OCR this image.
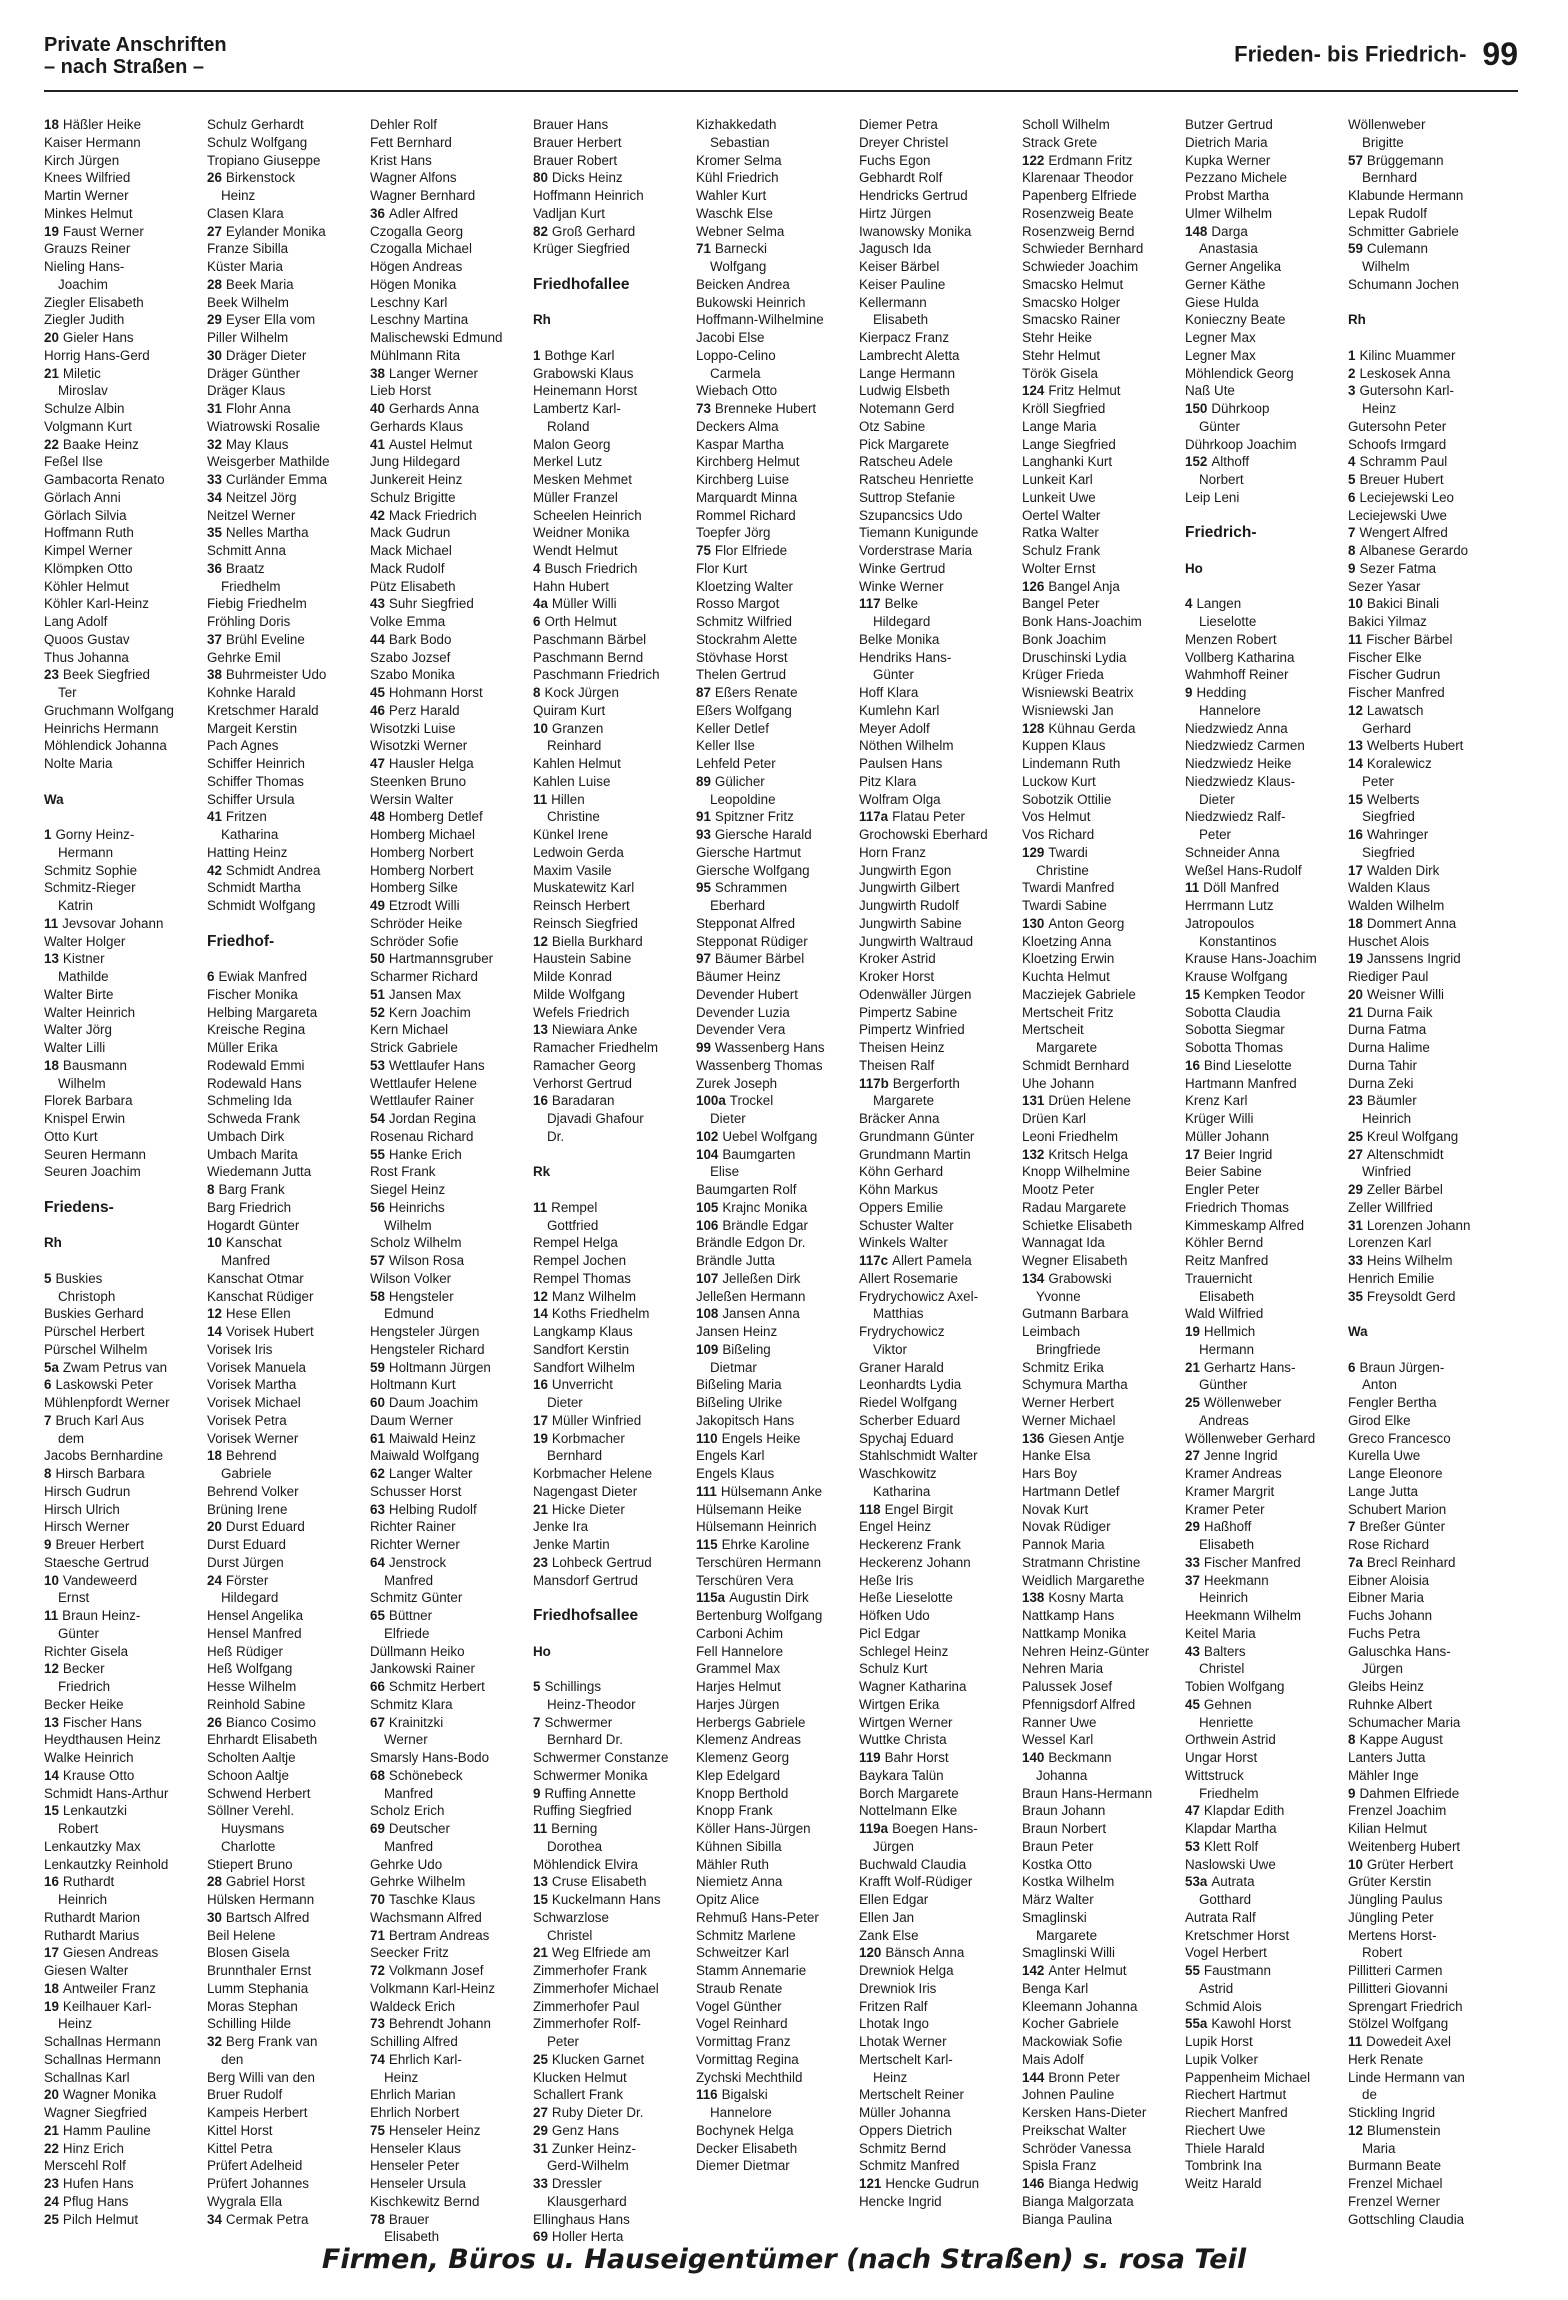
Private Anschriften
– nach Straßen –
Frieden- bis Friedrich- 99
18 Häßler Heike
Kaiser Hermann
Kirch Jürgen
Knees Wilfried
Martin Werner
Minkes Helmut
19 Faust Werner
Grauzs Reiner
Nieling Hans-
Joachim
Ziegler Elisabeth
Ziegler Judith
20 Gieler Hans
Horrig Hans-Gerd
21 Miletic
Miroslav
Schulze Albin
Volgmann Kurt
22 Baake Heinz
Feßel Ilse
Gambacorta Renato
Görlach Anni
Görlach Silvia
Hoffmann Ruth
Kimpel Werner
Klömpken Otto
Köhler Helmut
Köhler Karl-Heinz
Lang Adolf
Quoos Gustav
Thus Johanna
23 Beek Siegfried
Ter
Gruchmann Wolfgang
Heinrichs Hermann
Möhlendick Johanna
Nolte Maria
Wa
1 Gorny Heinz-
Hermann
Schmitz Sophie
Schmitz-Rieger
Katrin
11 Jevsovar Johann
Walter Holger
13 Kistner
Mathilde
Walter Birte
Walter Heinrich
Walter Jörg
Walter Lilli
18 Bausmann
Wilhelm
Florek Barbara
Knispel Erwin
Otto Kurt
Seuren Hermann
Seuren Joachim
Friedens-
Rh
5 Buskies
Christoph
Buskies Gerhard
Pürschel Herbert
Pürschel Wilhelm
5a Zwam Petrus van
6 Laskowski Peter
Mühlenpfordt Werner
7 Bruch Karl Aus
dem
Jacobs Bernhardine
8 Hirsch Barbara
Hirsch Gudrun
Hirsch Ulrich
Hirsch Werner
9 Breuer Herbert
Staesche Gertrud
10 Vandeweerd
Ernst
11 Braun Heinz-
Günter
Richter Gisela
12 Becker
Friedrich
Becker Heike
13 Fischer Hans
Heydthausen Heinz
Walke Heinrich
14 Krause Otto
Schmidt Hans-Arthur
15 Lenkautzki
Robert
Lenkautzky Max
Lenkautzky Reinhold
16 Ruthardt
Heinrich
Ruthardt Marion
Ruthardt Marius
17 Giesen Andreas
Giesen Walter
18 Antweiler Franz
19 Keilhauer Karl-
Heinz
Schallnas Hermann
Schallnas Hermann
Schallnas Karl
20 Wagner Monika
Wagner Siegfried
21 Hamm Pauline
22 Hinz Erich
Merscehl Rolf
23 Hufen Hans
24 Pflug Hans
25 Pilch Helmut
Schulz Gerhardt
Schulz Wolfgang
Tropiano Giuseppe
26 Birkenstock
Heinz
Clasen Klara
27 Eylander Monika
Franze Sibilla
Küster Maria
28 Beek Maria
Beek Wilhelm
29 Eyser Ella vom
Piller Wilhelm
30 Dräger Dieter
Dräger Günther
Dräger Klaus
31 Flohr Anna
Wiatrowski Rosalie
32 May Klaus
Weisgerber Mathilde
33 Curländer Emma
34 Neitzel Jörg
Neitzel Werner
35 Nelles Martha
Schmitt Anna
36 Braatz
Friedhelm
Fiebig Friedhelm
Fröhling Doris
37 Brühl Eveline
Gehrke Emil
38 Buhrmeister Udo
Kohnke Harald
Kretschmer Harald
Margeit Kerstin
Pach Agnes
Schiffer Heinrich
Schiffer Thomas
Schiffer Ursula
41 Fritzen
Katharina
Hatting Heinz
42 Schmidt Andrea
Schmidt Martha
Schmidt Wolfgang
Friedhof-
6 Ewiak Manfred
Fischer Monika
Helbing Margareta
Kreische Regina
Müller Erika
Rodewald Emmi
Rodewald Hans
Schmeling Ida
Schweda Frank
Umbach Dirk
Umbach Marita
Wiedemann Jutta
8 Barg Frank
Barg Friedrich
Hogardt Günter
10 Kanschat
Manfred
Kanschat Otmar
Kanschat Rüdiger
12 Hese Ellen
14 Vorisek Hubert
Vorisek Iris
Vorisek Manuela
Vorisek Martha
Vorisek Michael
Vorisek Petra
Vorisek Werner
18 Behrend
Gabriele
Behrend Volker
Brüning Irene
20 Durst Eduard
Durst Eduard
Durst Jürgen
24 Förster
Hildegard
Hensel Angelika
Hensel Manfred
Heß Rüdiger
Heß Wolfgang
Hesse Wilhelm
Reinhold Sabine
26 Bianco Cosimo
Ehrhardt Elisabeth
Scholten Aaltje
Schoon Aaltje
Schwend Herbert
Söllner Verehl.
Huysmans
Charlotte
Stiepert Bruno
28 Gabriel Horst
Hülsken Hermann
30 Bartsch Alfred
Beil Helene
Blosen Gisela
Brunnthaler Ernst
Lumm Stephania
Moras Stephan
Schilling Hilde
32 Berg Frank van
den
Berg Willi van den
Bruer Rudolf
Kampeis Herbert
Kittel Horst
Kittel Petra
Prüfert Adelheid
Prüfert Johannes
Wygrala Ella
34 Cermak Petra
Dehler Rolf
Fett Bernhard
Krist Hans
Wagner Alfons
Wagner Bernhard
36 Adler Alfred
Czogalla Georg
Czogalla Michael
Högen Andreas
Högen Monika
Leschny Karl
Leschny Martina
Malischewski Edmund
Mühlmann Rita
38 Langer Werner
Lieb Horst
40 Gerhards Anna
Gerhards Klaus
41 Austel Helmut
Jung Hildegard
Junkereit Heinz
Schulz Brigitte
42 Mack Friedrich
Mack Gudrun
Mack Michael
Mack Rudolf
Pütz Elisabeth
43 Suhr Siegfried
Volke Emma
44 Bark Bodo
Szabo Jozsef
Szabo Monika
45 Hohmann Horst
46 Perz Harald
Wisotzki Luise
Wisotzki Werner
47 Hausler Helga
Steenken Bruno
Wersin Walter
48 Homberg Detlef
Homberg Michael
Homberg Norbert
Homberg Norbert
Homberg Silke
49 Etzrodt Willi
Schröder Heike
Schröder Sofie
50 Hartmannsgruber
Scharmer Richard
51 Jansen Max
52 Kern Joachim
Kern Michael
Strick Gabriele
53 Wettlaufer Hans
Wettlaufer Helene
Wettlaufer Rainer
54 Jordan Regina
Rosenau Richard
55 Hanke Erich
Rost Frank
Siegel Heinz
56 Heinrichs
Wilhelm
Scholz Wilhelm
57 Wilson Rosa
Wilson Volker
58 Hengsteler
Edmund
Hengsteler Jürgen
Hengsteler Richard
59 Holtmann Jürgen
Holtmann Kurt
60 Daum Joachim
Daum Werner
61 Maiwald Heinz
Maiwald Wolfgang
62 Langer Walter
Schusser Horst
63 Helbing Rudolf
Richter Rainer
Richter Werner
64 Jenstrock
Manfred
Schmitz Günter
65 Büttner
Elfriede
Düllmann Heiko
Jankowski Rainer
66 Schmitz Herbert
Schmitz Klara
67 Krainitzki
Werner
Smarsly Hans-Bodo
68 Schönebeck
Manfred
Scholz Erich
69 Deutscher
Manfred
Gehrke Udo
Gehrke Wilhelm
70 Taschke Klaus
Wachsmann Alfred
71 Bertram Andreas
Seecker Fritz
72 Volkmann Josef
Volkmann Karl-Heinz
Waldeck Erich
73 Behrendt Johann
Schilling Alfred
74 Ehrlich Karl-
Heinz
Ehrlich Marian
Ehrlich Norbert
75 Henseler Heinz
Henseler Klaus
Henseler Peter
Henseler Ursula
Kischkewitz Bernd
78 Brauer
Elisabeth
Brauer Hans
Brauer Herbert
Brauer Robert
80 Dicks Heinz
Hoffmann Heinrich
Vadljan Kurt
82 Groß Gerhard
Krüger Siegfried
Friedhofallee
Rh
1 Bothge Karl
Grabowski Klaus
Heinemann Horst
Lambertz Karl-
Roland
Malon Georg
Merkel Lutz
Mesken Mehmet
Müller Franzel
Scheelen Heinrich
Weidner Monika
Wendt Helmut
4 Busch Friedrich
Hahn Hubert
4a Müller Willi
6 Orth Helmut
Paschmann Bärbel
Paschmann Bernd
Paschmann Friedrich
8 Kock Jürgen
Quiram Kurt
10 Granzen
Reinhard
Kahlen Helmut
Kahlen Luise
11 Hillen
Christine
Künkel Irene
Ledwoin Gerda
Maxim Vasile
Muskatewitz Karl
Reinsch Herbert
Reinsch Siegfried
12 Biella Burkhard
Haustein Sabine
Milde Konrad
Milde Wolfgang
Wefels Friedrich
13 Niewiara Anke
Ramacher Friedhelm
Ramacher Georg
Verhorst Gertrud
16 Baradaran
Djavadi Ghafour
Dr.
Rk
11 Rempel
Gottfried
Rempel Helga
Rempel Jochen
Rempel Thomas
12 Manz Wilhelm
14 Koths Friedhelm
Langkamp Klaus
Sandfort Kerstin
Sandfort Wilhelm
16 Unverricht
Dieter
17 Müller Winfried
19 Korbmacher
Bernhard
Korbmacher Helene
Nagengast Dieter
21 Hicke Dieter
Jenke Ira
Jenke Martin
23 Lohbeck Gertrud
Mansdorf Gertrud
Friedhofsallee
Ho
5 Schillings
Heinz-Theodor
7 Schwermer
Bernhard Dr.
Schwermer Constanze
Schwermer Monika
9 Ruffing Annette
Ruffing Siegfried
11 Berning
Dorothea
Möhlendick Elvira
13 Cruse Elisabeth
15 Kuckelmann Hans
Schwarzlose
Christel
21 Weg Elfriede am
Zimmerhofer Frank
Zimmerhofer Michael
Zimmerhofer Paul
Zimmerhofer Rolf-
Peter
25 Klucken Garnet
Klucken Helmut
Schallert Frank
27 Ruby Dieter Dr.
29 Genz Hans
31 Zunker Heinz-
Gerd-Wilhelm
33 Dressler
Klausgerhard
Ellinghaus Hans
69 Holler Herta
Kizhakkedath
Sebastian
Kromer Selma
Kühl Friedrich
Wahler Kurt
Waschk Else
Webner Selma
71 Barnecki
Wolfgang
Beicken Andrea
Bukowski Heinrich
Hoffmann-Wilhelmine
Jacobi Else
Loppo-Celino
Carmela
Wiebach Otto
73 Brenneke Hubert
Deckers Alma
Kaspar Martha
Kirchberg Helmut
Kirchberg Luise
Marquardt Minna
Rommel Richard
Toepfer Jörg
75 Flor Elfriede
Flor Kurt
Kloetzing Walter
Rosso Margot
Schmitz Wilfried
Stockrahm Alette
Stövhase Horst
Thelen Gertrud
87 Eßers Renate
Eßers Wolfgang
Keller Detlef
Keller Ilse
Lehfeld Peter
89 Gülicher
Leopoldine
91 Spitzner Fritz
93 Giersche Harald
Giersche Hartmut
Giersche Wolfgang
95 Schrammen
Eberhard
Stepponat Alfred
Stepponat Rüdiger
97 Bäumer Bärbel
Bäumer Heinz
Devender Hubert
Devender Luzia
Devender Vera
99 Wassenberg Hans
Wassenberg Thomas
Zurek Joseph
100a Trockel
Dieter
102 Uebel Wolfgang
104 Baumgarten
Elise
Baumgarten Rolf
105 Krajnc Monika
106 Brändle Edgar
Brändle Edgon Dr.
Brändle Jutta
107 Jelleßen Dirk
Jelleßen Hermann
108 Jansen Anna
Jansen Heinz
109 Bißeling
Dietmar
Bißeling Maria
Bißeling Ulrike
Jakopitsch Hans
110 Engels Heike
Engels Karl
Engels Klaus
111 Hülsemann Anke
Hülsemann Heike
Hülsemann Heinrich
115 Ehrke Karoline
Terschüren Hermann
Terschüren Vera
115a Augustin Dirk
Bertenburg Wolfgang
Carboni Achim
Fell Hannelore
Grammel Max
Harjes Helmut
Harjes Jürgen
Herbergs Gabriele
Klemenz Andreas
Klemenz Georg
Klep Edelgard
Knopp Berthold
Knopp Frank
Köller Hans-Jürgen
Kühnen Sibilla
Mähler Ruth
Niemietz Anna
Opitz Alice
Rehmuß Hans-Peter
Schmitz Marlene
Schweitzer Karl
Stamm Annemarie
Straub Renate
Vogel Günther
Vogel Reinhard
Vormittag Franz
Vormittag Regina
Zychski Mechthild
116 Bigalski
Hannelore
Bochynek Helga
Decker Elisabeth
Diemer Dietmar
Diemer Petra
Dreyer Christel
Fuchs Egon
Gebhardt Rolf
Hendricks Gertrud
Hirtz Jürgen
Iwanowsky Monika
Jagusch Ida
Keiser Bärbel
Keiser Pauline
Kellermann
Elisabeth
Kierpacz Franz
Lambrecht Aletta
Lange Hermann
Ludwig Elsbeth
Notemann Gerd
Otz Sabine
Pick Margarete
Ratscheu Adele
Ratscheu Henriette
Suttrop Stefanie
Szupancsics Udo
Tiemann Kunigunde
Vorderstrase Maria
Winke Gertrud
Winke Werner
117 Belke
Hildegard
Belke Monika
Hendriks Hans-
Günter
Hoff Klara
Kumlehn Karl
Meyer Adolf
Nöthen Wilhelm
Paulsen Hans
Pitz Klara
Wolfram Olga
117a Flatau Peter
Grochowski Eberhard
Horn Franz
Jungwirth Egon
Jungwirth Gilbert
Jungwirth Rudolf
Jungwirth Sabine
Jungwirth Waltraud
Kroker Astrid
Kroker Horst
Odenwäller Jürgen
Pimpertz Sabine
Pimpertz Winfried
Theisen Heinz
Theisen Ralf
117b Bergerforth
Margarete
Bräcker Anna
Grundmann Günter
Grundmann Martin
Köhn Gerhard
Köhn Markus
Oppers Emilie
Schuster Walter
Winkels Walter
117c Allert Pamela
Allert Rosemarie
Frydrychowicz Axel-
Matthias
Frydrychowicz
Viktor
Graner Harald
Leonhardts Lydia
Riedel Wolfgang
Scherber Eduard
Spychaj Eduard
Stahlschmidt Walter
Waschkowitz
Katharina
118 Engel Birgit
Engel Heinz
Heckerenz Frank
Heckerenz Johann
Heße Iris
Heße Lieselotte
Höfken Udo
Picl Edgar
Schlegel Heinz
Schulz Kurt
Wagner Katharina
Wirtgen Erika
Wirtgen Werner
Wuttke Christa
119 Bahr Horst
Baykara Talün
Borch Margarete
Nottelmann Elke
119a Boegen Hans-
Jürgen
Buchwald Claudia
Krafft Wolf-Rüdiger
Ellen Edgar
Ellen Jan
Zank Else
120 Bänsch Anna
Drewniok Helga
Drewniok Iris
Fritzen Ralf
Lhotak Ingo
Lhotak Werner
Mertschelt Karl-
Heinz
Mertschelt Reiner
Müller Johanna
Oppers Dietrich
Schmitz Bernd
Schmitz Manfred
121 Hencke Gudrun
Hencke Ingrid
Scholl Wilhelm
Strack Grete
122 Erdmann Fritz
Klarenaar Theodor
Papenberg Elfriede
Rosenzweig Beate
Rosenzweig Bernd
Schwieder Bernhard
Schwieder Joachim
Smacsko Helmut
Smacsko Holger
Smacsko Rainer
Stehr Heike
Stehr Helmut
Török Gisela
124 Fritz Helmut
Kröll Siegfried
Lange Maria
Lange Siegfried
Langhanki Kurt
Lunkeit Karl
Lunkeit Uwe
Oertel Walter
Ratka Walter
Schulz Frank
Wolter Ernst
126 Bangel Anja
Bangel Peter
Bonk Hans-Joachim
Bonk Joachim
Druschinski Lydia
Krüger Frieda
Wisniewski Beatrix
Wisniewski Jan
128 Kühnau Gerda
Kuppen Klaus
Lindemann Ruth
Luckow Kurt
Sobotzik Ottilie
Vos Helmut
Vos Richard
129 Twardi
Christine
Twardi Manfred
Twardi Sabine
130 Anton Georg
Kloetzing Anna
Kloetzing Erwin
Kuchta Helmut
Macziejek Gabriele
Mertscheit Fritz
Mertscheit
Margarete
Schmidt Bernhard
Uhe Johann
131 Drüen Helene
Drüen Karl
Leoni Friedhelm
132 Kritsch Helga
Knopp Wilhelmine
Mootz Peter
Radau Margarete
Schietke Elisabeth
Wannagat Ida
Wegner Elisabeth
134 Grabowski
Yvonne
Gutmann Barbara
Leimbach
Bringfriede
Schmitz Erika
Schymura Martha
Werner Herbert
Werner Michael
136 Giesen Antje
Hanke Elsa
Hars Boy
Hartmann Detlef
Novak Kurt
Novak Rüdiger
Pannok Maria
Stratmann Christine
Weidlich Margarethe
138 Kosny Marta
Nattkamp Hans
Nattkamp Monika
Nehren Heinz-Günter
Nehren Maria
Palussek Josef
Pfennigsdorf Alfred
Ranner Uwe
Wessel Karl
140 Beckmann
Johanna
Braun Hans-Hermann
Braun Johann
Braun Norbert
Braun Peter
Kostka Otto
Kostka Wilhelm
März Walter
Smaglinski
Margarete
Smaglinski Willi
142 Anter Helmut
Benga Karl
Kleemann Johanna
Kocher Gabriele
Mackowiak Sofie
Mais Adolf
144 Bronn Peter
Johnen Pauline
Kersken Hans-Dieter
Preikschat Walter
Schröder Vanessa
Spisla Franz
146 Bianga Hedwig
Bianga Malgorzata
Bianga Paulina
Butzer Gertrud
Dietrich Maria
Kupka Werner
Pezzano Michele
Probst Martha
Ulmer Wilhelm
148 Darga
Anastasia
Gerner Angelika
Gerner Käthe
Giese Hulda
Konieczny Beate
Legner Max
Legner Max
Möhlendick Georg
Naß Ute
150 Dührkoop
Günter
Dührkoop Joachim
152 Althoff
Norbert
Leip Leni
Friedrich-
Ho
4 Langen
Lieselotte
Menzen Robert
Vollberg Katharina
Wahmhoff Reiner
9 Hedding
Hannelore
Niedzwiedz Anna
Niedzwiedz Carmen
Niedzwiedz Heike
Niedzwiedz Klaus-
Dieter
Niedzwiedz Ralf-
Peter
Schneider Anna
Weßel Hans-Rudolf
11 Döll Manfred
Herrmann Lutz
Jatropoulos
Konstantinos
Krause Hans-Joachim
Krause Wolfgang
15 Kempken Teodor
Sobotta Claudia
Sobotta Siegmar
Sobotta Thomas
16 Bind Lieselotte
Hartmann Manfred
Krenz Karl
Krüger Willi
Müller Johann
17 Beier Ingrid
Beier Sabine
Engler Peter
Friedrich Thomas
Kimmeskamp Alfred
Köhler Bernd
Reitz Manfred
Trauernicht
Elisabeth
Wald Wilfried
19 Hellmich
Hermann
21 Gerhartz Hans-
Günther
25 Wöllenweber
Andreas
Wöllenweber Gerhard
27 Jenne Ingrid
Kramer Andreas
Kramer Margrit
Kramer Peter
29 Haßhoff
Elisabeth
33 Fischer Manfred
37 Heekmann
Heinrich
Heekmann Wilhelm
Keitel Maria
43 Balters
Christel
Tobien Wolfgang
45 Gehnen
Henriette
Orthwein Astrid
Ungar Horst
Wittstruck
Friedhelm
47 Klapdar Edith
Klapdar Martha
53 Klett Rolf
Naslowski Uwe
53a Autrata
Gotthard
Autrata Ralf
Kretschmer Horst
Vogel Herbert
55 Faustmann
Astrid
Schmid Alois
55a Kawohl Horst
Lupik Horst
Lupik Volker
Pappenheim Michael
Riechert Hartmut
Riechert Manfred
Riechert Uwe
Thiele Harald
Tombrink Ina
Weitz Harald
Wöllenweber
Brigitte
57 Brüggemann
Bernhard
Klabunde Hermann
Lepak Rudolf
Schmitter Gabriele
59 Culemann
Wilhelm
Schumann Jochen
Rh
1 Kilinc Muammer
2 Leskosek Anna
3 Gutersohn Karl-
Heinz
Gutersohn Peter
Schoofs Irmgard
4 Schramm Paul
5 Breuer Hubert
6 Leciejewski Leo
Leciejewski Uwe
7 Wengert Alfred
8 Albanese Gerardo
9 Sezer Fatma
Sezer Yasar
10 Bakici Binali
Bakici Yilmaz
11 Fischer Bärbel
Fischer Elke
Fischer Gudrun
Fischer Manfred
12 Lawatsch
Gerhard
13 Welberts Hubert
14 Koralewicz
Peter
15 Welberts
Siegfried
16 Wahringer
Siegfried
17 Walden Dirk
Walden Klaus
Walden Wilhelm
18 Dommert Anna
Huschet Alois
19 Janssens Ingrid
Riediger Paul
20 Weisner Willi
21 Durna Faik
Durna Fatma
Durna Halime
Durna Tahir
Durna Zeki
23 Bäumler
Heinrich
25 Kreul Wolfgang
27 Altenschmidt
Winfried
29 Zeller Bärbel
Zeller Willfried
31 Lorenzen Johann
Lorenzen Karl
33 Heins Wilhelm
Henrich Emilie
35 Freysoldt Gerd
Wa
6 Braun Jürgen-
Anton
Fengler Bertha
Girod Elke
Greco Francesco
Kurella Uwe
Lange Eleonore
Lange Jutta
Schubert Marion
7 Breßer Günter
Rose Richard
7a Brecl Reinhard
Eibner Aloisia
Eibner Maria
Fuchs Johann
Fuchs Petra
Galuschka Hans-
Jürgen
Gleibs Heinz
Ruhnke Albert
Schumacher Maria
8 Kappe August
Lanters Jutta
Mähler Inge
9 Dahmen Elfriede
Frenzel Joachim
Kilian Helmut
Weitenberg Hubert
10 Grüter Herbert
Grüter Kerstin
Jüngling Paulus
Jüngling Peter
Mertens Horst-
Robert
Pillitteri Carmen
Pillitteri Giovanni
Sprengart Friedrich
Stölzel Wolfgang
11 Dowedeit Axel
Herk Renate
Linde Hermann van
de
Stickling Ingrid
12 Blumenstein
Maria
Burmann Beate
Frenzel Michael
Frenzel Werner
Gottschling Claudia
Firmen, Büros u. Hauseigentümer (nach Straßen) s. rosa Teil
